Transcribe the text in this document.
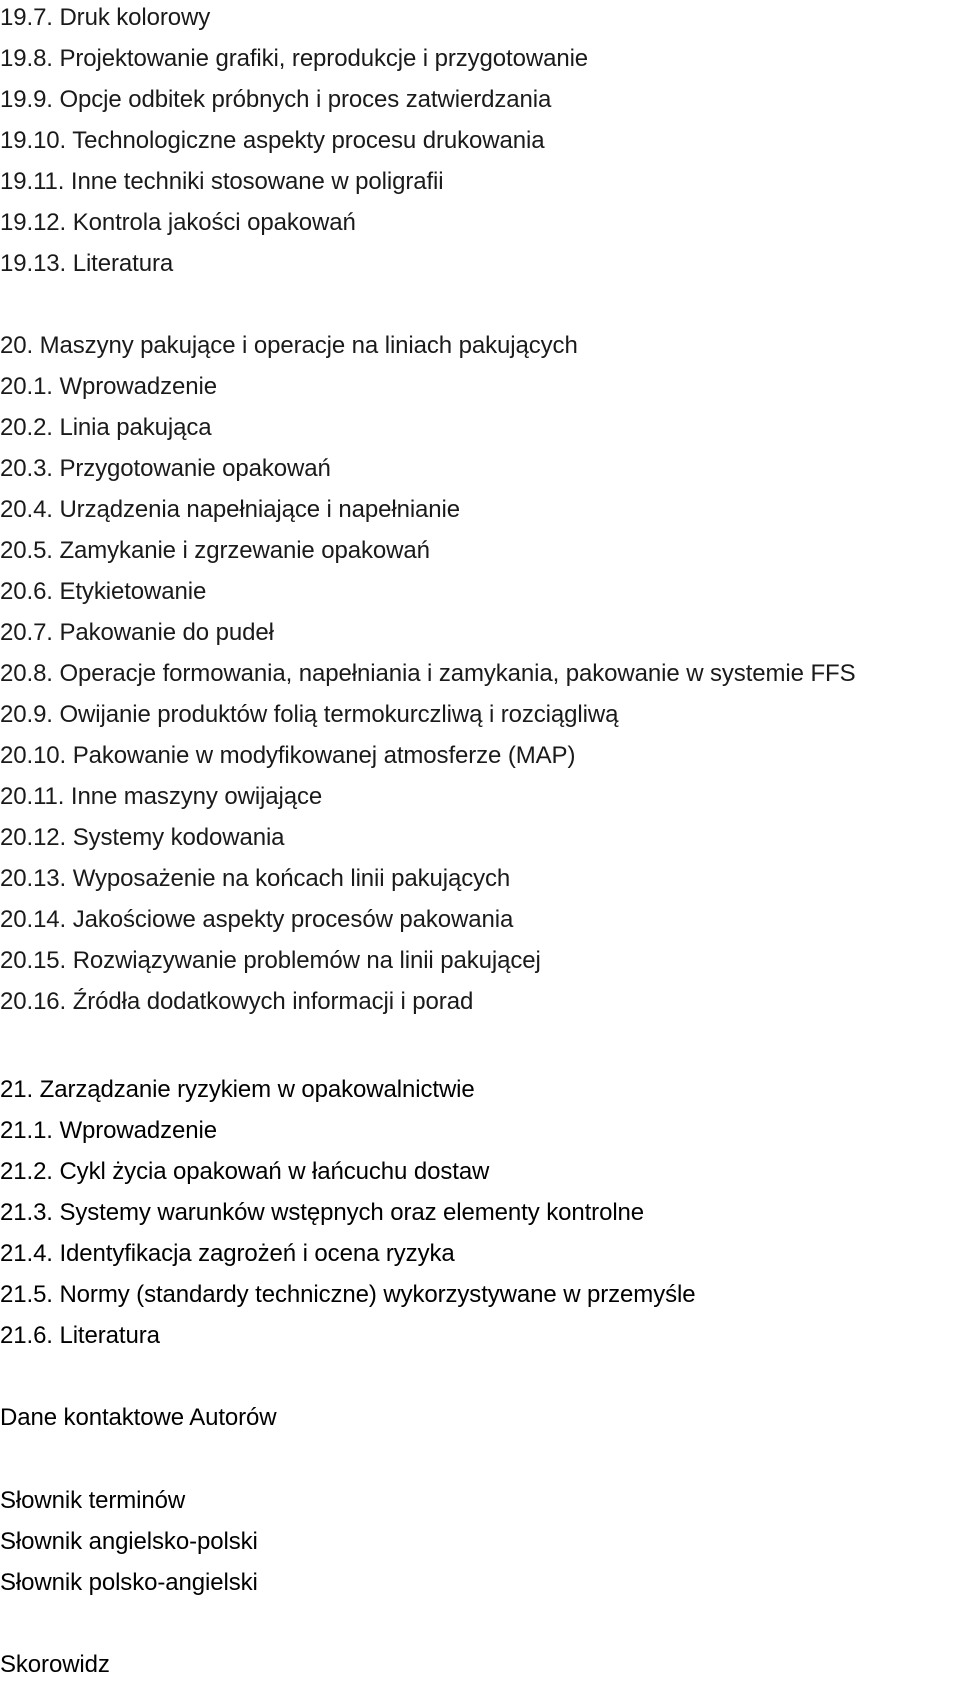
19.7. Druk kolorowy
19.8. Projektowanie grafiki, reprodukcje i przygotowanie
19.9. Opcje odbitek próbnych i proces zatwierdzania
19.10. Technologiczne aspekty procesu drukowania
19.11. Inne techniki stosowane w poligrafii
19.12. Kontrola jakości opakowań
19.13. Literatura
20. Maszyny pakujące i operacje na liniach pakujących
20.1. Wprowadzenie
20.2. Linia pakująca
20.3. Przygotowanie opakowań
20.4. Urządzenia napełniające i napełnianie
20.5. Zamykanie i zgrzewanie opakowań
20.6. Etykietowanie
20.7. Pakowanie do pudeł
20.8. Operacje formowania, napełniania i zamykania, pakowanie w systemie FFS
20.9. Owijanie produktów folią termokurczliwą i rozciągliwą
20.10. Pakowanie w modyfikowanej atmosferze (MAP)
20.11. Inne maszyny owijające
20.12. Systemy kodowania
20.13. Wyposażenie na końcach linii pakujących
20.14. Jakościowe aspekty procesów pakowania
20.15. Rozwiązywanie problemów na linii pakującej
20.16. Źródła dodatkowych informacji i porad
21. Zarządzanie ryzykiem w opakowalnictwie
21.1. Wprowadzenie
21.2. Cykl życia opakowań w łańcuchu dostaw
21.3. Systemy warunków wstępnych oraz elementy kontrolne
21.4. Identyfikacja zagrożeń i ocena ryzyka
21.5. Normy (standardy techniczne) wykorzystywane w przemyśle
21.6. Literatura
Dane kontaktowe Autorów
Słownik terminów
Słownik angielsko-polski
Słownik polsko-angielski
Skorowidz
